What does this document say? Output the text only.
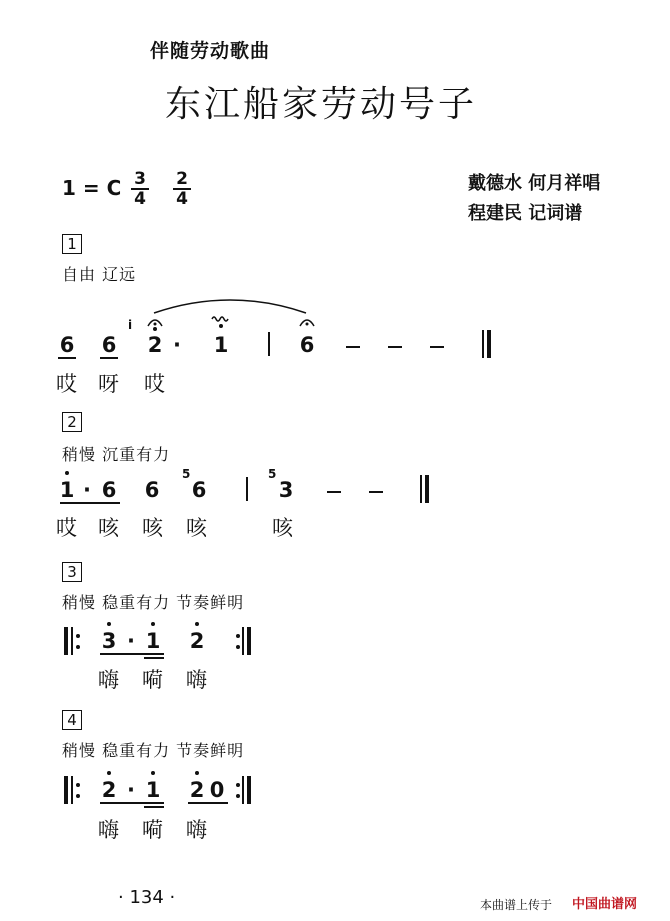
伴随劳动歌曲
东江船家劳动号子
1 = C 3
4
2
4
戴德水 何月祥唱
程建民 记词谱
1
自由 辽远
6 6
i
2 · 1	6
哎 呀 哎
2
稍慢 沉重有力
1 · 6 6
5
6
5
3
哎 咳 咳 咳	咳
3
稍慢 稳重有力 节奏鲜明
3 · 1 2
嗨 嗬 嗨
4
稍慢 稳重有力 节奏鲜明
2 · 1 2 0
嗨 嗬 嗨
· 134 ·	本曲谱上传于 中国曲谱网
